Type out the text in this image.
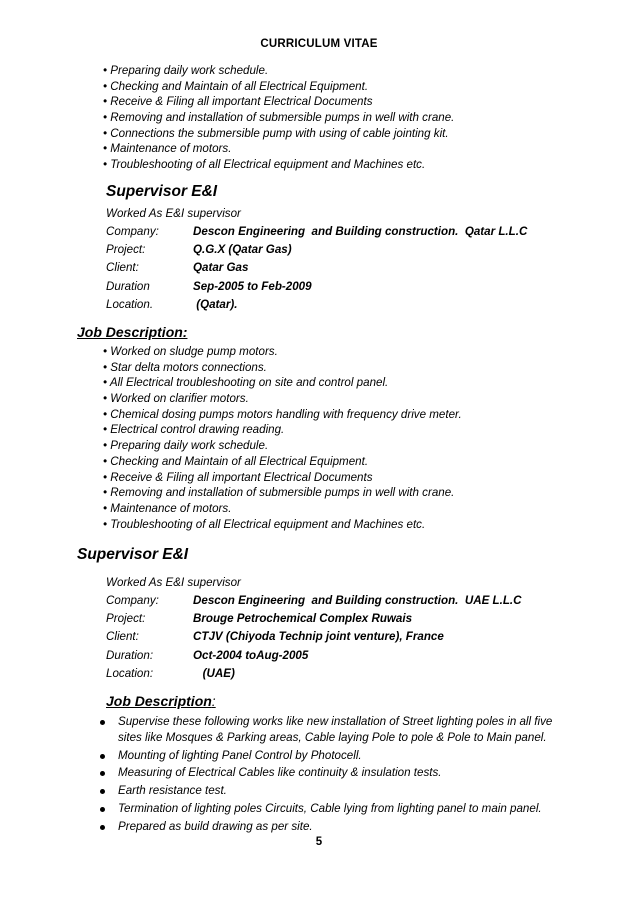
CURRICULUM VITAE
• Preparing daily work schedule.
• Checking and Maintain of all Electrical Equipment.
• Receive & Filing all important Electrical Documents
• Removing and installation of submersible pumps in well with crane.
• Connections the submersible pump with using of cable jointing kit.
• Maintenance of motors.
• Troubleshooting of all Electrical equipment and Machines etc.
Supervisor E&I
Worked As E&I supervisor
Company:	Descon Engineering  and Building construction.  Qatar L.L.C
Project:	Q.G.X (Qatar Gas)
Client:	Qatar Gas
Duration	Sep-2005 to Feb-2009
Location.	(Qatar).
Job Description:
• Worked on sludge pump motors.
• Star delta motors connections.
• All Electrical troubleshooting on site and control panel.
• Worked on clarifier motors.
• Chemical dosing pumps motors handling with frequency drive meter.
• Electrical control drawing reading.
• Preparing daily work schedule.
• Checking and Maintain of all Electrical Equipment.
• Receive & Filing all important Electrical Documents
• Removing and installation of submersible pumps in well with crane.
• Maintenance of motors.
• Troubleshooting of all Electrical equipment and Machines etc.
Supervisor E&I
Worked As E&I supervisor
Company:	Descon Engineering  and Building construction.  UAE L.L.C
Project:	Brouge Petrochemical Complex Ruwais
Client:	CTJV (Chiyoda Technip joint venture), France
Duration:	Oct-2004 toAug-2005
Location:	(UAE)
Job Description:
Supervise these following works like new installation of Street lighting poles in all five sites like Mosques & Parking areas, Cable laying Pole to pole & Pole to Main panel.
Mounting of lighting Panel Control by Photocell.
Measuring of Electrical Cables like continuity & insulation tests.
Earth resistance test.
Termination of lighting poles Circuits, Cable lying from lighting panel to main panel.
Prepared as build drawing as per site.
5
